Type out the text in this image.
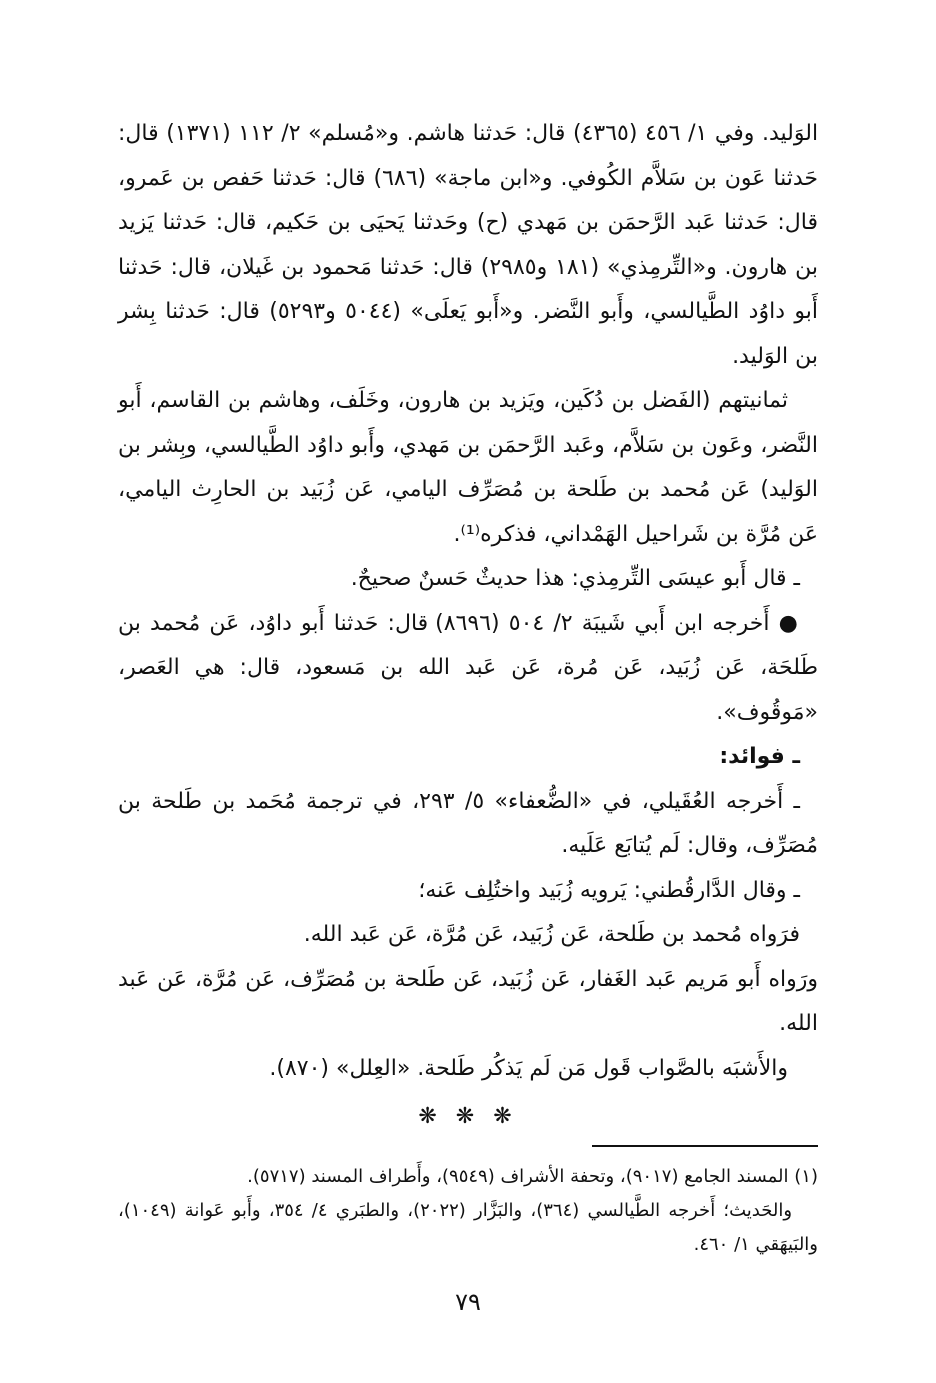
الوَليد. وفي ١/ ٤٥٦ (٤٣٦٥) قال: حَدثنا هاشم. و«مُسلم» ٢/ ١١٢ (١٣٧١) قال: حَدثنا عَون بن سَلاَّم الكُوفي. و«ابن ماجة» (٦٨٦) قال: حَدثنا حَفص بن عَمرو، قال: حَدثنا عَبد الرَّحمَن بن مَهدي (ح) وحَدثنا يَحيَى بن حَكيم، قال: حَدثنا يَزيد بن هارون. و«التِّرمِذي» (١٨١ و٢٩٨٥) قال: حَدثنا مَحمود بن غَيلان، قال: حَدثنا أَبو داوُد الطَّيالسي، وأَبو النَّضر. و«أَبو يَعلَى» (٥٠٤٤ و٥٢٩٣) قال: حَدثنا بِشر بن الوَليد.

ثمانيتهم (الفَضل بن دُكَين، ويَزيد بن هارون، وخَلَف، وهاشم بن القاسم، أَبو النَّضر، وعَون بن سَلاَّم، وعَبد الرَّحمَن بن مَهدي، وأَبو داوُد الطَّيالسي، وبِشر بن الوَليد) عَن مُحمد بن طَلحة بن مُصَرِّف اليامي، عَن زُبَيد بن الحارِث اليامي، عَن مُرَّة بن شَراحيل الهَمْداني، فذكره⁽¹⁾.

ـ قال أَبو عيسَى التِّرمِذي: هذا حديثٌ حَسنٌ صحيحٌ.

● أَخرجه ابن أَبي شَيبَة ٢/ ٥٠٤ (٨٦٩٦) قال: حَدثنا أَبو داوُد، عَن مُحمد بن طَلحَة، عَن زُبَيد، عَن مُرة، عَن عَبد الله بن مَسعود، قال: هي العَصر، «مَوقُوف».

ـ فوائد:

ـ أَخرجه العُقَيلي، في «الضُّعفاء» ٥/ ٢٩٣، في ترجمة مُحَمد بن طَلحة بن مُصَرِّف، وقال: لَم يُتابَع عَلَيه.

ـ وقال الدَّارقُطني: يَرويه زُبَيد واختُلِف عَنه؛

فرَواه مُحمد بن طَلحة، عَن زُبَيد، عَن مُرَّة، عَن عَبد الله.

ورَواه أَبو مَريم عَبد الغَفار، عَن زُبَيد، عَن طَلحة بن مُصَرِّف، عَن مُرَّة، عَن عَبد الله.

والأَشبَه بالصَّواب قَول مَن لَم يَذكُر طَلحة. «العِلل» (٨٧٠).

❋ ❋ ❋

(١) المسند الجامع (٩٠١٧)، وتحفة الأشراف (٩٥٤٩)، وأَطراف المسند (٥٧١٧).

والحَديث؛ أَخرجه الطَّيالسي (٣٦٤)، والبَزَّار (٢٠٢٢)، والطبَري ٤/ ٣٥٤، وأَبو عَوانة (١٠٤٩)، والبَيهَقي ١/ ٤٦٠.

٧٩
